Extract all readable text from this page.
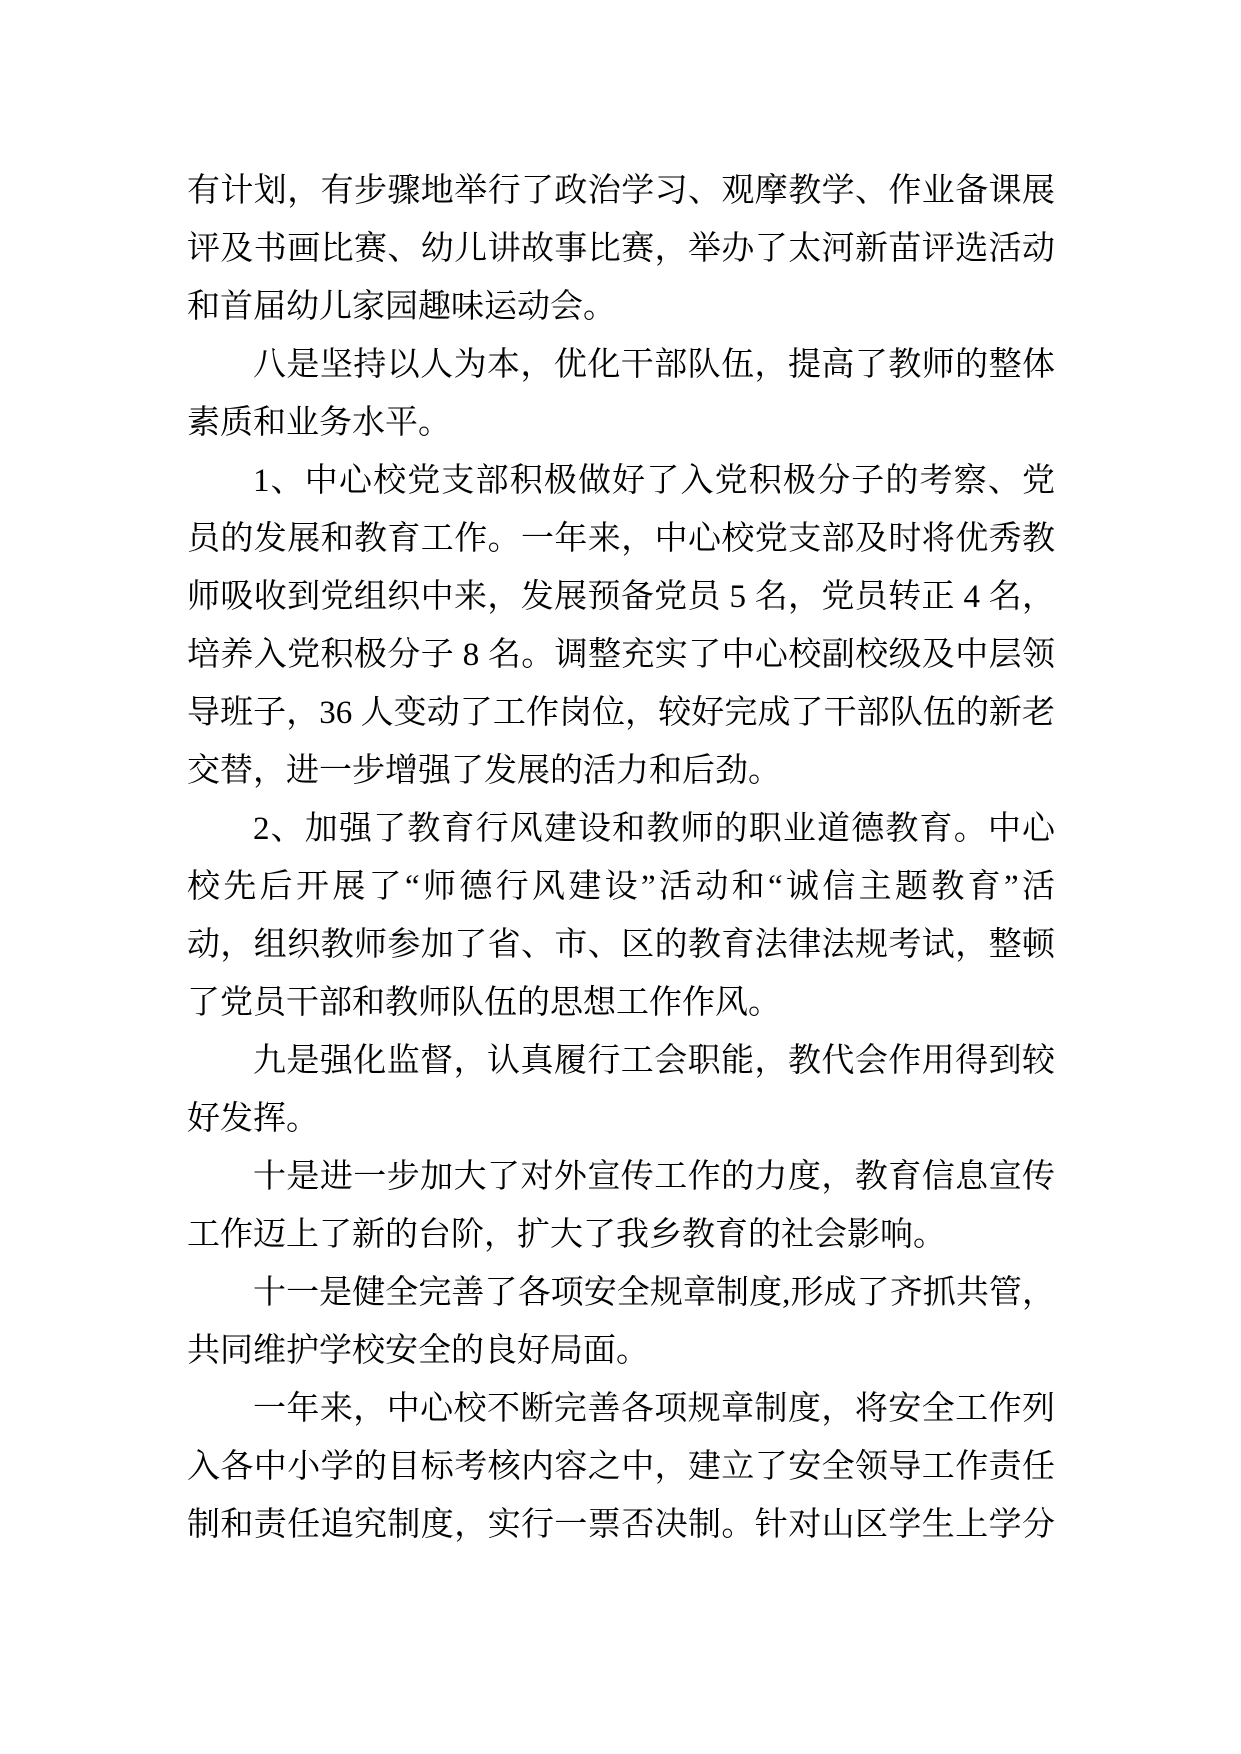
有计划，有步骤地举行了政治学习、观摩教学、作业备课展
评及书画比赛、幼儿讲故事比赛，举办了太河新苗评选活动
和首届幼儿家园趣味运动会。
八是坚持以人为本，优化干部队伍，提高了教师的整体
素质和业务水平。
1、中心校党支部积极做好了入党积极分子的考察、党
员的发展和教育工作。一年来，中心校党支部及时将优秀教
师吸收到党组织中来，发展预备党员 5 名，党员转正 4 名，
培养入党积极分子 8 名。调整充实了中心校副校级及中层领
导班子，36 人变动了工作岗位，较好完成了干部队伍的新老
交替，进一步增强了发展的活力和后劲。
2、加强了教育行风建设和教师的职业道德教育。中心
校先后开展了“师德行风建设”活动和“诚信主题教育”活
动，组织教师参加了省、市、区的教育法律法规考试，整顿
了党员干部和教师队伍的思想工作作风。
九是强化监督，认真履行工会职能，教代会作用得到较
好发挥。
十是进一步加大了对外宣传工作的力度，教育信息宣传
工作迈上了新的台阶，扩大了我乡教育的社会影响。
十一是健全完善了各项安全规章制度,形成了齐抓共管，
共同维护学校安全的良好局面。
一年来，中心校不断完善各项规章制度，将安全工作列
入各中小学的目标考核内容之中，建立了安全领导工作责任
制和责任追究制度，实行一票否决制。针对山区学生上学分
